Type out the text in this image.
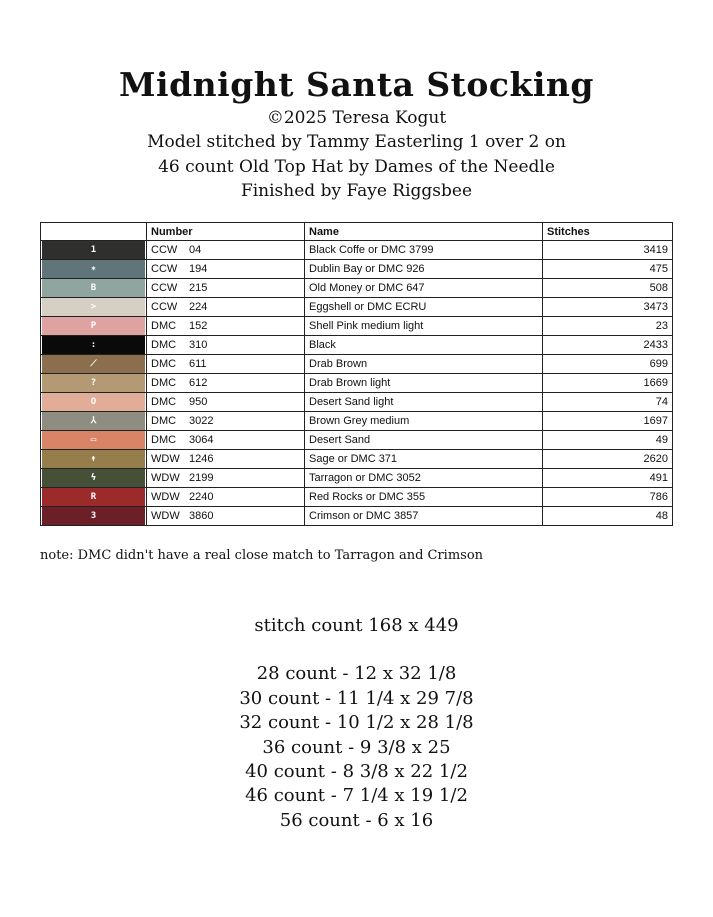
Midnight Santa Stocking

©2025 Teresa Kogut

Model stitched by Tammy Easterling 1 over 2 on

46 count Old Top Hat by Dames of the Needle

Finished by Faye Riggsbee

	Number	Name	Stitches

1	CCW 04	Black Coffe or DMC 3799	3419

✶	CCW 194	Dublin Bay or DMC 926	475

B	CCW 215	Old Money or DMC 647	508

>	CCW 224	Eggshell or DMC ECRU	3473

P	DMC 152	Shell Pink medium light	23

:	DMC 310	Black	2433

⟋	DMC 611	Drab Brown	699

?	DMC 612	Drab Brown light	1669

O	DMC 950	Desert Sand light	74

⅄	DMC 3022	Brown Grey medium	1697

▭	DMC 3064	Desert Sand	49

↟	WDW 1246	Sage or DMC 371	2620

ϟ	WDW 2199	Tarragon or DMC 3052	491

R	WDW 2240	Red Rocks or DMC 355	786

3	WDW 3860	Crimson or DMC 3857	48

note: DMC didn't have a real close match to Tarragon and Crimson

stitch count 168 x 449

28 count - 12 x 32 1/8

30 count - 11 1/4 x 29 7/8

32 count - 10 1/2 x 28 1/8

36 count - 9 3/8 x 25

40 count - 8 3/8 x 22 1/2

46 count - 7 1/4 x 19 1/2

56 count - 6 x 16
